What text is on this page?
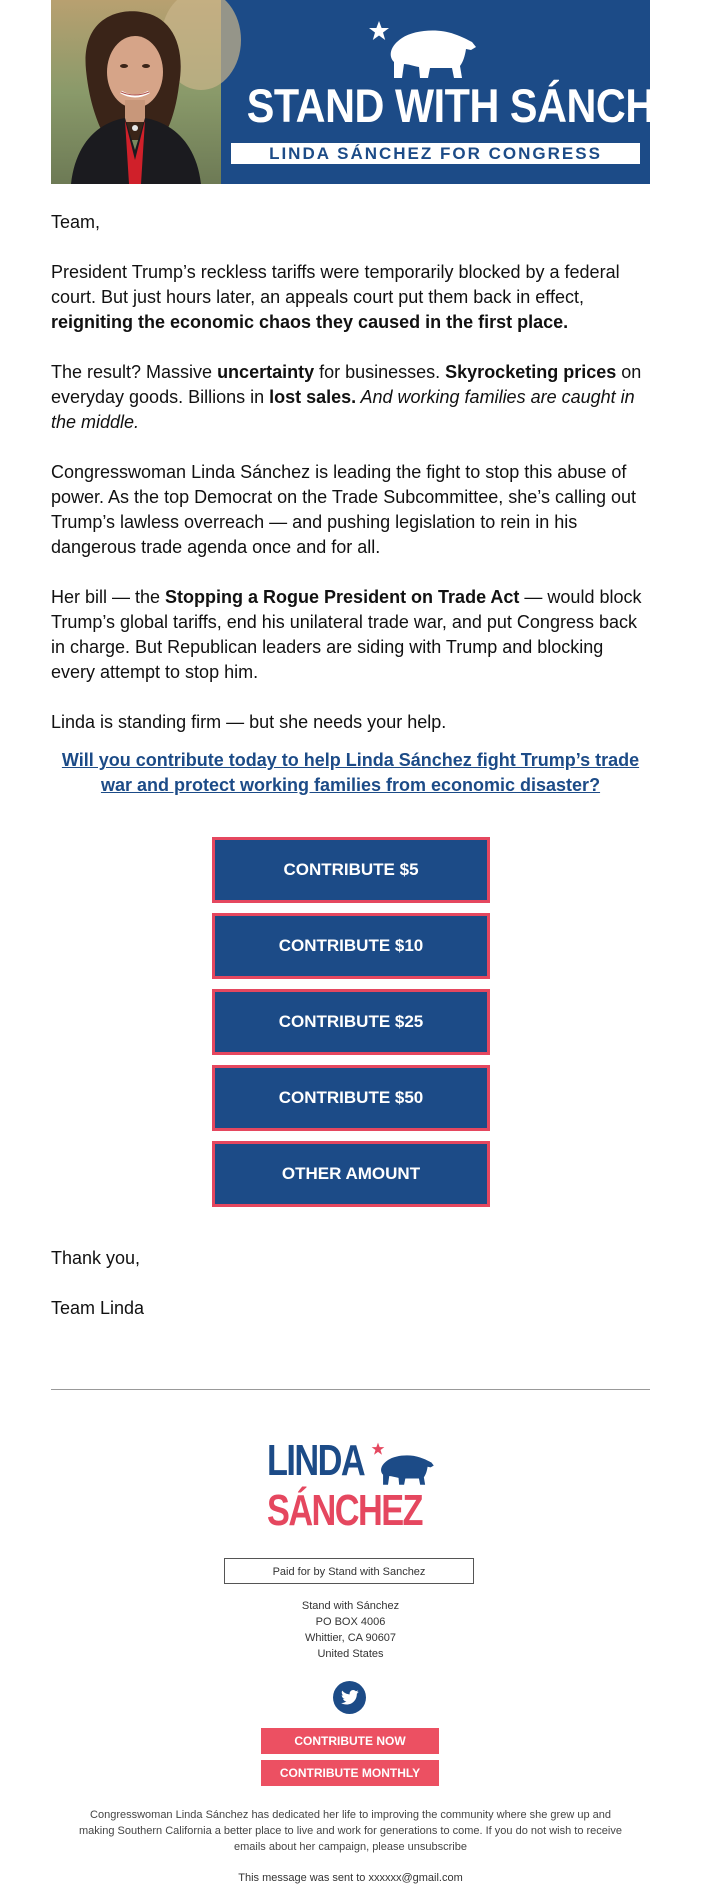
STAND WITH SÁNCHEZ
LINDA SÁNCHEZ FOR CONGRESS
Team,

President Trump’s reckless tariffs were temporarily blocked by a federal court. But just hours later, an appeals court put them back in effect, reigniting the economic chaos they caused in the first place.

The result? Massive uncertainty for businesses. Skyrocketing prices on everyday goods. Billions in lost sales. And working families are caught in the middle.

Congresswoman Linda Sánchez is leading the fight to stop this abuse of power. As the top Democrat on the Trade Subcommittee, she’s calling out Trump’s lawless overreach — and pushing legislation to rein in his dangerous trade agenda once and for all.

Her bill — the Stopping a Rogue President on Trade Act — would block Trump’s global tariffs, end his unilateral trade war, and put Congress back in charge. But Republican leaders are siding with Trump and blocking every attempt to stop him.

Linda is standing firm — but she needs your help.
Will you contribute today to help Linda Sánchez fight Trump’s trade war and protect working families from economic disaster?
CONTRIBUTE $5
CONTRIBUTE $10
CONTRIBUTE $25
CONTRIBUTE $50
OTHER AMOUNT
Thank you,
Team Linda
LINDA
SÁNCHEZ
Paid for by Stand with Sanchez
Stand with Sánchez
PO BOX 4006
Whittier, CA 90607
United States
CONTRIBUTE NOW
CONTRIBUTE MONTHLY
Congresswoman Linda Sánchez has dedicated her life to improving the community where she grew up and making Southern California a better place to live and work for generations to come. If you do not wish to receive emails about her campaign, please unsubscribe
This message was sent to xxxxxx@gmail.com
